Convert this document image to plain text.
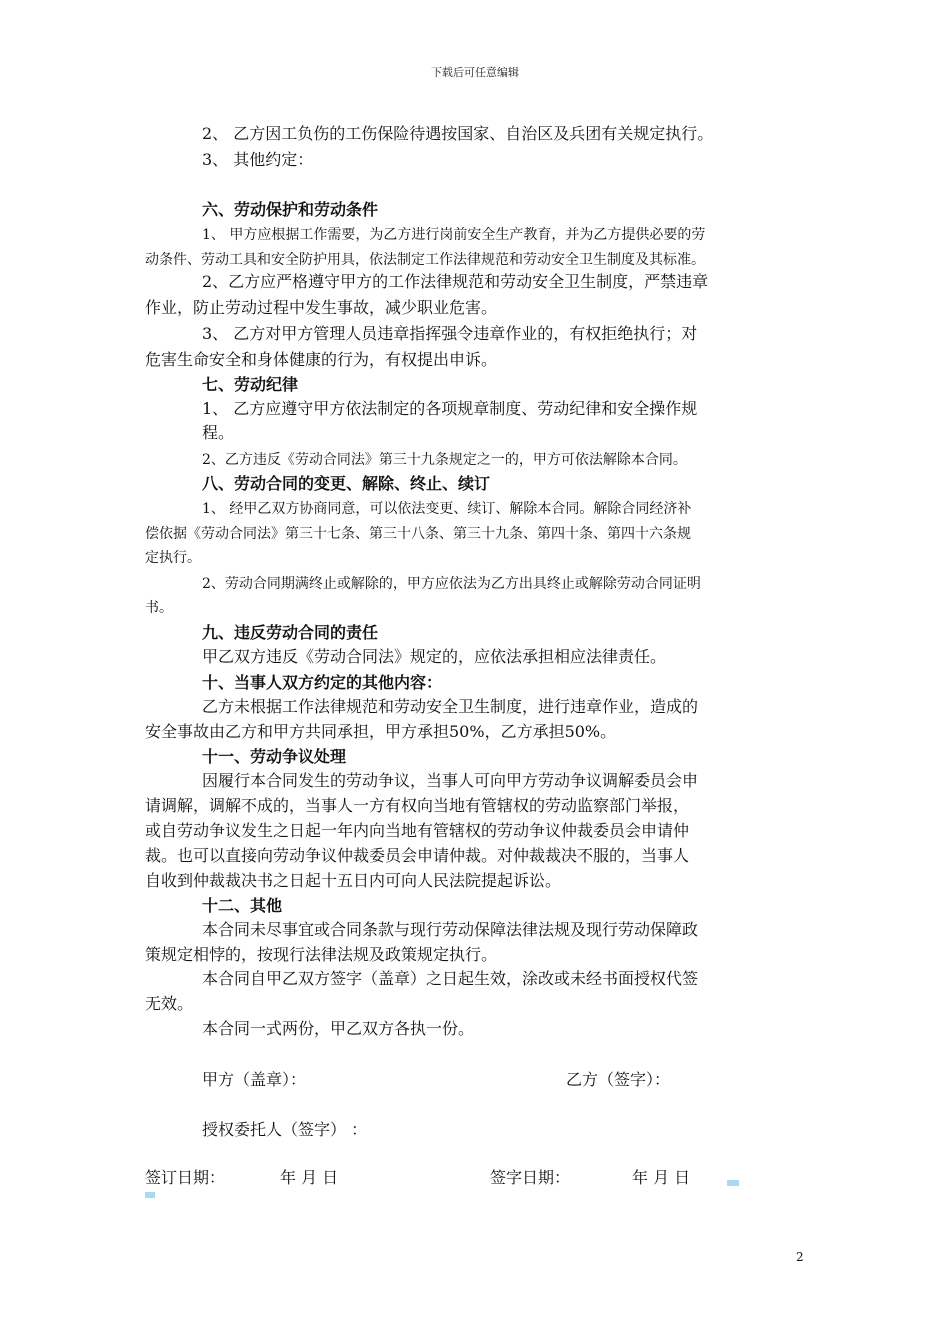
下载后可任意编辑
2、 乙方因工负伤的工伤保险待遇按国家、自治区及兵团有关规定执行。
3、 其他约定：
六、劳动保护和劳动条件
1、 甲方应根据工作需要，为乙方进行岗前安全生产教育，并为乙方提供必要的劳
动条件、劳动工具和安全防护用具，依法制定工作法律规范和劳动安全卫生制度及其标准。
2、乙方应严格遵守甲方的工作法律规范和劳动安全卫生制度，严禁违章
作业，防止劳动过程中发生事故，减少职业危害。
3、 乙方对甲方管理人员违章指挥强令违章作业的，有权拒绝执行；对
危害生命安全和身体健康的行为，有权提出申诉。
七、劳动纪律
1、 乙方应遵守甲方依法制定的各项规章制度、劳动纪律和安全操作规
程。
2、乙方违反《劳动合同法》第三十九条规定之一的，甲方可依法解除本合同。
八、劳动合同的变更、解除、终止、续订
1、 经甲乙双方协商同意，可以依法变更、续订、解除本合同。解除合同经济补
偿依据《劳动合同法》第三十七条、第三十八条、第三十九条、第四十条、第四十六条规
定执行。
2、劳动合同期满终止或解除的，甲方应依法为乙方出具终止或解除劳动合同证明
书。
九、违反劳动合同的责任
甲乙双方违反《劳动合同法》规定的，应依法承担相应法律责任。
十、当事人双方约定的其他内容：
乙方未根据工作法律规范和劳动安全卫生制度，进行违章作业，造成的
安全事故由乙方和甲方共同承担，甲方承担50%，乙方承担50%。
十一、劳动争议处理
因履行本合同发生的劳动争议，当事人可向甲方劳动争议调解委员会申
请调解，调解不成的，当事人一方有权向当地有管辖权的劳动监察部门举报，
或自劳动争议发生之日起一年内向当地有管辖权的劳动争议仲裁委员会申请仲
裁。也可以直接向劳动争议仲裁委员会申请仲裁。对仲裁裁决不服的，当事人
自收到仲裁裁决书之日起十五日内可向人民法院提起诉讼。
十二、其他
本合同未尽事宜或合同条款与现行劳动保障法律法规及现行劳动保障政
策规定相悖的，按现行法律法规及政策规定执行。
本合同自甲乙双方签字（盖章）之日起生效，涂改或未经书面授权代签
无效。
本合同一式两份，甲乙双方各执一份。
甲方（盖章）：	乙方（签字）：
授权委托人（签字） ：
签订日期：	年 月 日	签字日期：	年 月 日
2
